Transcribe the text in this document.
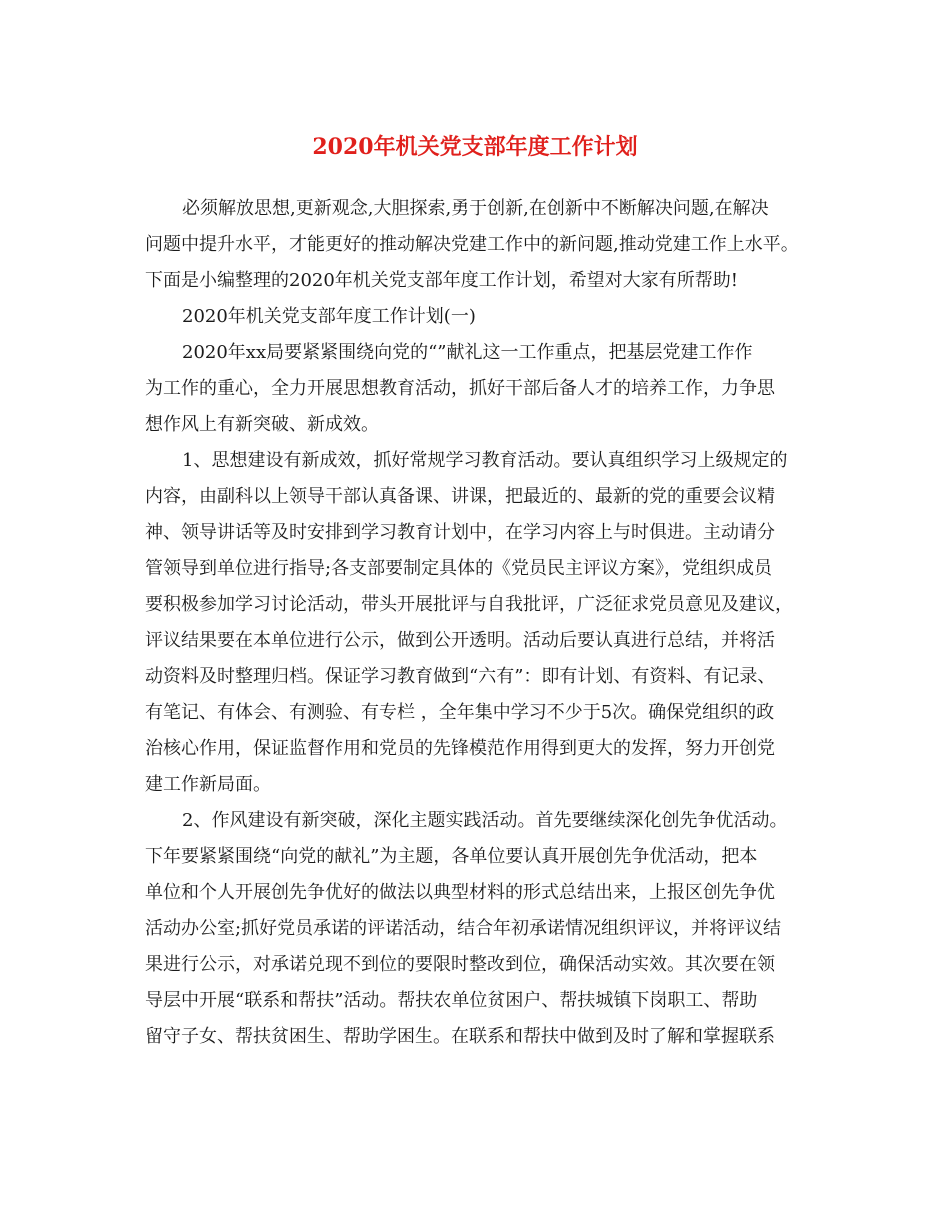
2020年机关党支部年度工作计划
必须解放思想,更新观念,大胆探索,勇于创新,在创新中不断解决问题,在解决
问题中提升水平，才能更好的推动解决党建工作中的新问题,推动党建工作上水平。
下面是小编整理的2020年机关党支部年度工作计划，希望对大家有所帮助!
2020年机关党支部年度工作计划(一)
2020年xx局要紧紧围绕向党的“”献礼这一工作重点，把基层党建工作作
为工作的重心，全力开展思想教育活动，抓好干部后备人才的培养工作，力争思
想作风上有新突破、新成效。
1、思想建设有新成效，抓好常规学习教育活动。要认真组织学习上级规定的
内容，由副科以上领导干部认真备课、讲课，把最近的、最新的党的重要会议精
神、领导讲话等及时安排到学习教育计划中，在学习内容上与时俱进。主动请分
管领导到单位进行指导;各支部要制定具体的《党员民主评议方案》，党组织成员
要积极参加学习讨论活动，带头开展批评与自我批评，广泛征求党员意见及建议，
评议结果要在本单位进行公示，做到公开透明。活动后要认真进行总结，并将活
动资料及时整理归档。保证学习教育做到“六有”：即有计划、有资料、有记录、
有笔记、有体会、有测验、有专栏 ，全年集中学习不少于5次。确保党组织的政
治核心作用，保证监督作用和党员的先锋模范作用得到更大的发挥，努力开创党
建工作新局面。
2、作风建设有新突破，深化主题实践活动。首先要继续深化创先争优活动。
下年要紧紧围绕“向党的献礼”为主题，各单位要认真开展创先争优活动，把本
单位和个人开展创先争优好的做法以典型材料的形式总结出来，上报区创先争优
活动办公室;抓好党员承诺的评诺活动，结合年初承诺情况组织评议，并将评议结
果进行公示，对承诺兑现不到位的要限时整改到位，确保活动实效。其次要在领
导层中开展“联系和帮扶”活动。帮扶农单位贫困户、帮扶城镇下岗职工、帮助
留守子女、帮扶贫困生、帮助学困生。在联系和帮扶中做到及时了解和掌握联系
